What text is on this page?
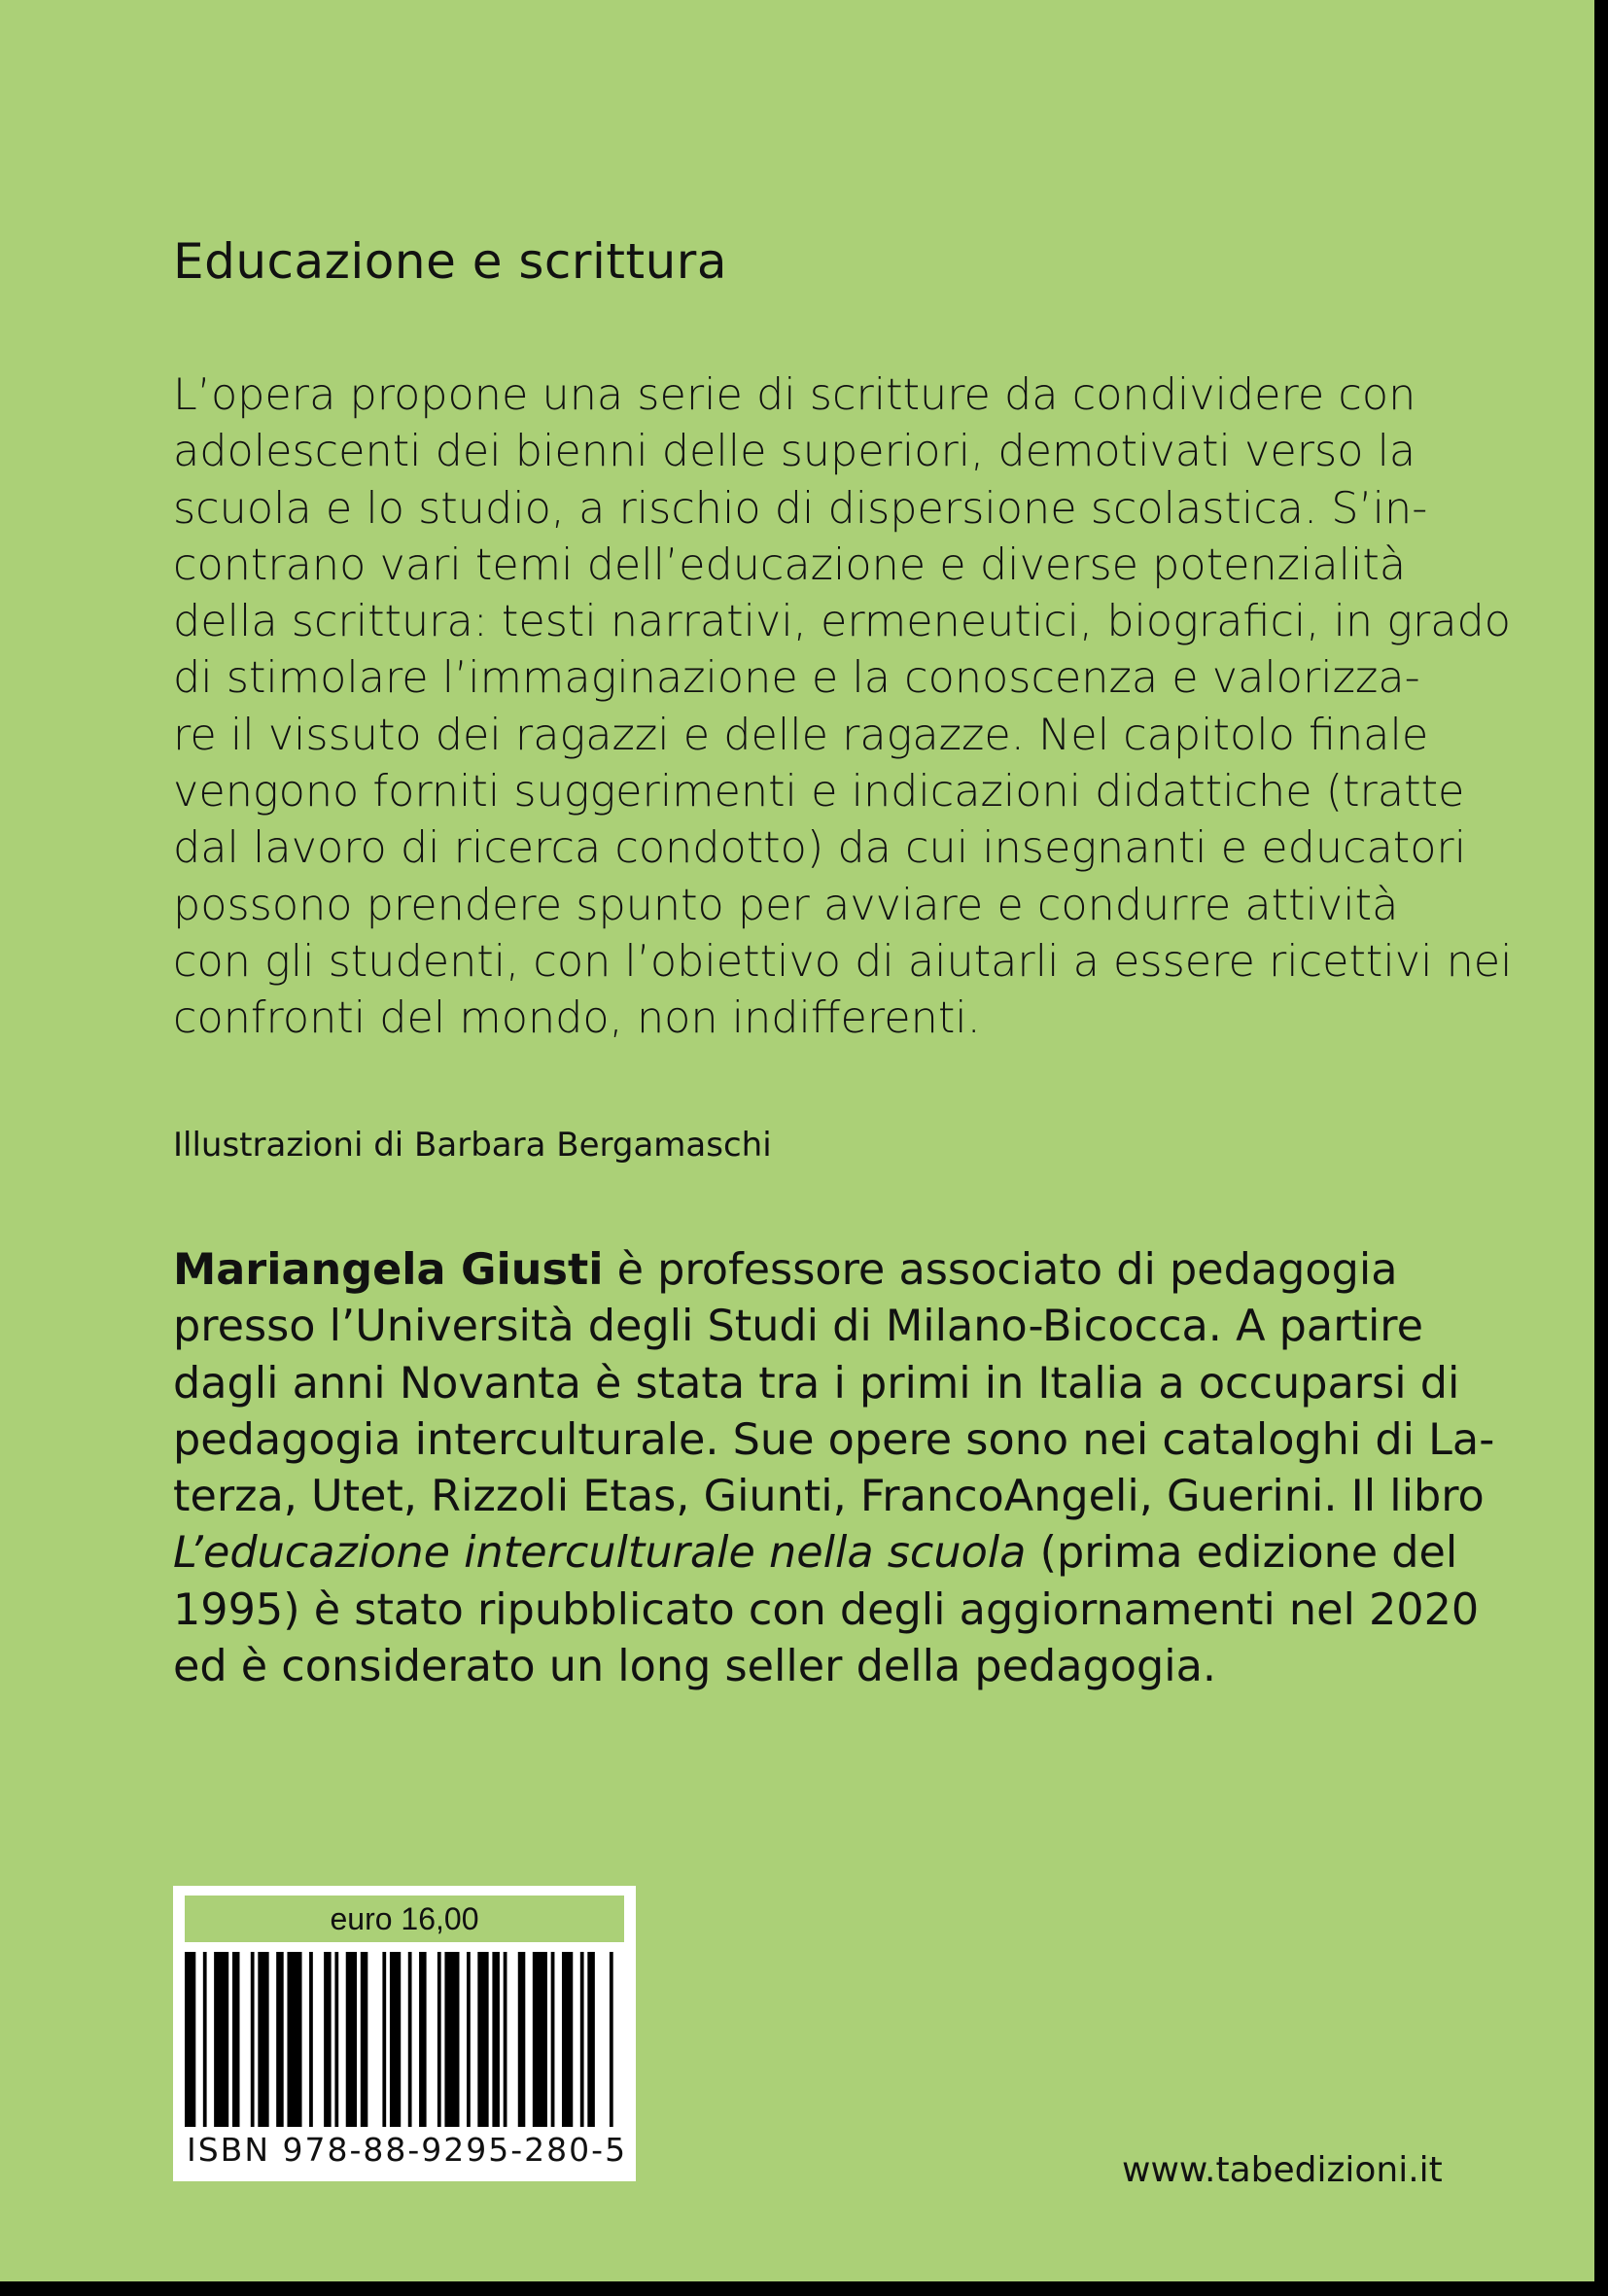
Educazione e scrittura
L’opera propone una serie di scritture da condividere con
adolescenti dei bienni delle superiori, demotivati verso la
scuola e lo studio, a rischio di dispersione scolastica. S’in-
contrano vari temi dell’educazione e diverse potenzialità
della scrittura: testi narrativi, ermeneutici, biografici, in grado
di stimolare l’immaginazione e la conoscenza e valorizza-
re il vissuto dei ragazzi e delle ragazze. Nel capitolo finale
vengono forniti suggerimenti e indicazioni didattiche (tratte
dal lavoro di ricerca condotto) da cui insegnanti e educatori
possono prendere spunto per avviare e condurre attività
con gli studenti, con l’obiettivo di aiutarli a essere ricettivi nei
confronti del mondo, non indifferenti.
Illustrazioni di Barbara Bergamaschi
Mariangela Giusti è professore associato di pedagogia
presso l’Università degli Studi di Milano-Bicocca. A partire
dagli anni Novanta è stata tra i primi in Italia a occuparsi di
pedagogia interculturale. Sue opere sono nei cataloghi di La-
terza, Utet, Rizzoli Etas, Giunti, FrancoAngeli, Guerini. Il libro
L’educazione interculturale nella scuola (prima edizione del
1995) è stato ripubblicato con degli aggiornamenti nel 2020
ed è considerato un long seller della pedagogia.
euro 16,00
ISBN 978-88-9295-280-5
www.tabedizioni.it
